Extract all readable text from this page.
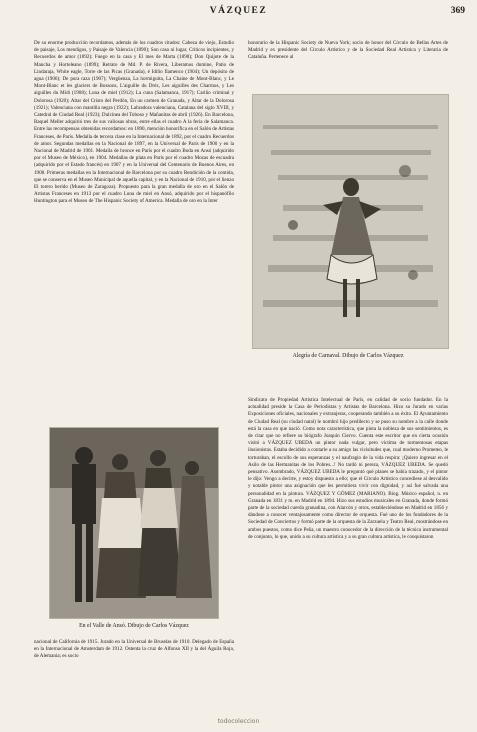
VÁZQUEZ	369
De su enorme producción recordamos, además de los cuadros citados: Cabeza de viejo, Estudio de paisaje, Los mendigos, y Paisaje de Valencia (1890); Son casa ni lugar, Críticos incipientes, y Recuerdos de amor (1892); Fuego en la casa y El mes de Marta (1898); Don Quijote de la Mancha y Horteleano (1899); Retrato de Md. P. de Rivera, Liberamos domine, Patio de Lindaraja, White eagle, Torre de las Picas (Granada), é Idilio flamenco (1904); Un depósito de agua (1906); De pura raza (1907); Vergüenza, La hormiguita, La Chaine de Mont-Blanc, y Le Mont-Blanc et les glaciers de Bossons, L'aiguille du Dréz, Les aiguilles des Charmos, y Les aiguilles du Midi (1908); Luna de miel (1912); La cuna (Salamanca, 1917); Cariño criminal y Dolorosa (1920); Altar del Cristo del Perdón, En un carmen de Granada, y Altar de la Dolorosa (1921); Valenciana con mantilla negra (1922); Labradora valenciana, Catalana del siglo XVIII, y Catedral de Ciudad Real (1923); Dulcinea del Toboso y Mañanitas de abril (1926). En Barcelona, Raquel Meller adquirió tres de sus valiosas obras, entre ellas el cuadro A la feria de Salamanca. Entre las recompensas obtenidas recordamos: en 1890, mención honorífica en el Salón de Artistas Franceses, de París. Medalla de tercera clase en la Internacional de 1892, por el cuadro Recuerdos de amor. Segundas medallas en la Nacional de 1897, en la Universal de París de 1900 y en la Nacional de Madrid de 1901. Medalla de bronce en París por el cuadro Boda en Ansó (adquirido por el Museo de México), en 1904. Medallas de plata en París por el cuadro Mozas de escuadra (adquirido por el Estado francés) en 1907 y en la Universal del Centenario de Buenos Aires, en 1908. Primeras medallas en la Internacional de Barcelona por su cuadro Rendición de la comida, que se conserva en el Museo Municipal de aquella capital, y en la Nacional de 1910, por el lienzo El torero herido (Museo de Zaragoza). Propuesto para la gran medalla de oro en el Salón de Artistas Franceses en 1913 por el cuadro Luna de miel en Ansó, adquirido por el hispanófilo Huntington para el Museo de The Hispanic Society of America. Medalla de oro en la Inter
honorario de la Hispanic Society de Nueva York; socio de honor del Círculo de Bellas Artes de Madrid y ex presidente del Círculo Artístico y de la Sociedad Real Artística y Literaria de Cataluña. Pertenece al
Alegría de Carnaval. Dibujo de Carlos Vázquez
Sindicato de Propiedad Artística Intelectual de París, en calidad de socio fundador. En la actualidad preside la Casa de Periodistas y Artistas de Barcelona. Hizo su Jurado en varias Exposiciones oficiales, nacionales y extranjeras, cooperando también a su éxito. El Ayuntamiento de Ciudad Real (su ciudad natal) le nombró hijo predilecto y se puso su nombre a la calle donde está la casa en que nació. Como nota característica, que pinta la nobleza de sus sentimientos, es de citar que no refiere su biógrafo Joaquín Ciervo. Cuenta este escritor que en cierta ocasión visitó a VÁZQUEZ UBEDA un pintor nada vulgar, pero víctima de tormentosas etapas ilusionistas. Estaba decidido a contarle a su amigo las vicisitudes que, cual moderno Prometeo, le torturaban, el escollo de sus esperanzas y el naufragio de la vida respira: ¡Quiero ingresar en el Asilo de las Hermanitas de los Pobres...! No tardó ni pereza, VÁZQUEZ UBEDA. Se quedó pensativo. Asombrado, VÁZQUEZ UBEDA le preguntó qué planes se había trazado, y el pintor le dijo: Vengo a decirte, y estoy dispuesto a ello; que el Círculo Artístico concediese al desvalido y notable pintor una asignación que les permitiera vivir con dignidad, y así fué salvada una personalidad en la pintura. VÁZQUEZ Y GÓMEZ (MARIANO). Biog. Músico español, n. en Granada en 1831 y m. en Madrid en 1894. Hizo sus estudios musicales en Granada, donde formó parte de la sociedad cuerda granadina, con Alarcón y otros, estableciéndose en Madrid en 1856 y dándose a conocer ventajosamente como director de orquesta. Fué uno de los fundadores de la Sociedad de Conciertos y formó parte de la orquesta de la Zarzuela y Teatro Real, mostrándose en ambos puestos, como dice Peña, un maestro conocedor de la dirección de la técnica instrumental de conjunto, lo que, unido a su cultura artística y a su gran cultura artística, le conquistaron
En el Valle de Ansó. Dibujo de Carlos Vázquez
nacional de California de 1915. Jurado en la Universal de Bruselas de 1910. Delegado de España en la Internacional de Amsterdam de 1912. Ostenta la cruz de Alfonso XII y la del Águila Roja, de Alemania; es socio
todocoleccion
